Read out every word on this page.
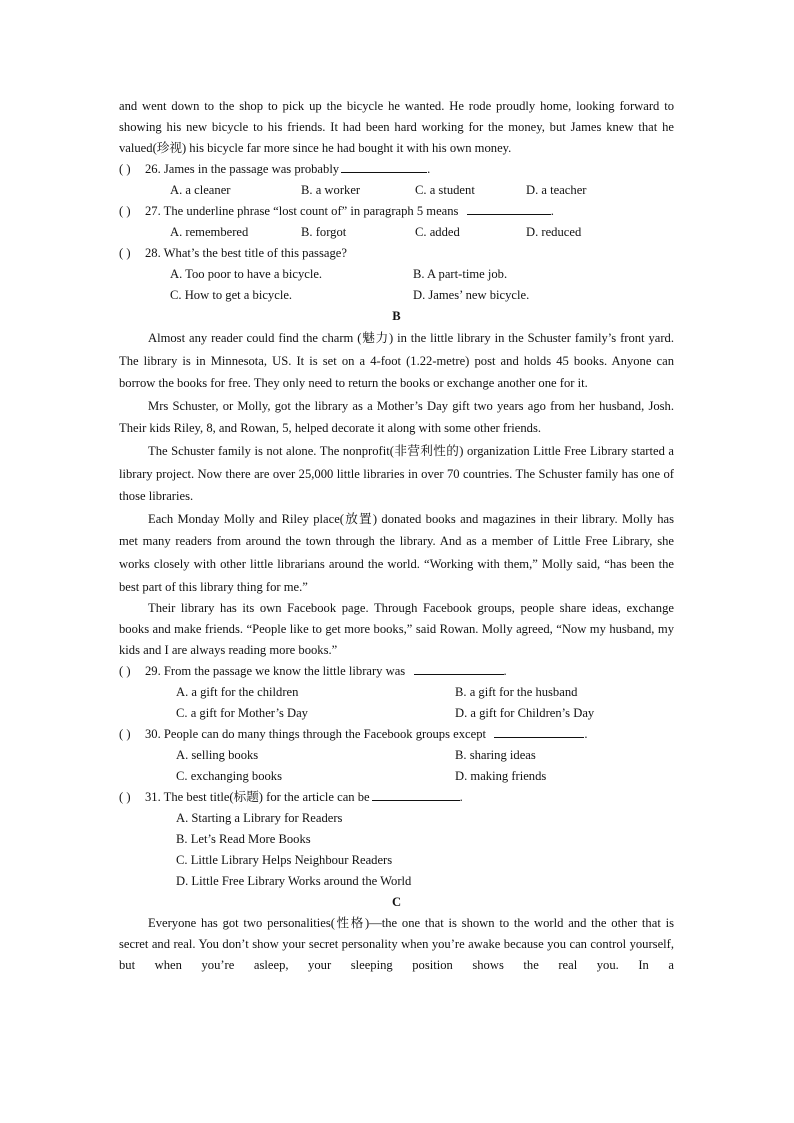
and went down to the shop to pick up the bicycle he wanted. He rode proudly home, looking forward to showing his new bicycle to his friends. It had been hard working for the money, but James knew that he valued(珍视) his bicycle far more since he had bought it with his own money.

( ) 26. James in the passage was probably	.
A. a cleaner	B. a worker	C. a student	D. a teacher
( ) 27. The underline phrase “lost count of” in paragraph 5 means	.
A. remembered	B. forgot	C. added	D. reduced
( ) 28. What’s the best title of this passage?
A. Too poor to have a bicycle.	B. A part-time job.
C. How to get a bicycle.	D. James’ new bicycle.
B

Almost any reader could find the charm (魅力) in the little library in the Schuster family’s front yard. The library is in Minnesota, US. It is set on a 4-foot (1.22-metre) post and holds 45 books. Anyone can borrow the books for free. They only need to return the books or exchange another one for it.

Mrs Schuster, or Molly, got the library as a Mother’s Day gift two years ago from her husband, Josh. Their kids Riley, 8, and Rowan, 5, helped decorate it along with some other friends.

The Schuster family is not alone. The nonprofit(非营利性的) organization Little Free Library started a library project. Now there are over 25,000 little libraries in over 70 countries. The Schuster family has one of those libraries.

Each Monday Molly and Riley place(放置) donated books and magazines in their library. Molly has met many readers from around the town through the library. And as a member of Little Free Library, she works closely with other little librarians around the world. “Working with them,” Molly said, “has been the best part of this library thing for me.”

Their library has its own Facebook page. Through Facebook groups, people share ideas, exchange books and make friends. “People like to get more books,” said Rowan. Molly agreed, “Now my husband, my kids and I are always reading more books.”

( ) 29. From the passage we know the little library was	.
A. a gift for the children	B. a gift for the husband
C. a gift for Mother’s Day	D. a gift for Children’s Day
( ) 30. People can do many things through the Facebook groups except	.
A. selling books	B. sharing ideas
C. exchanging books	D. making friends
( ) 31. The best title(标题) for the article can be	.
A. Starting a Library for Readers
B. Let’s Read More Books
C. Little Library Helps Neighbour Readers
D. Little Free Library Works around the World
C

Everyone has got two personalities(性格)—the one that is shown to the world and the other that is secret and real. You don’t show your secret personality when you’re awake because you can control yourself, but when you’re asleep, your sleeping position shows the real you. In a
